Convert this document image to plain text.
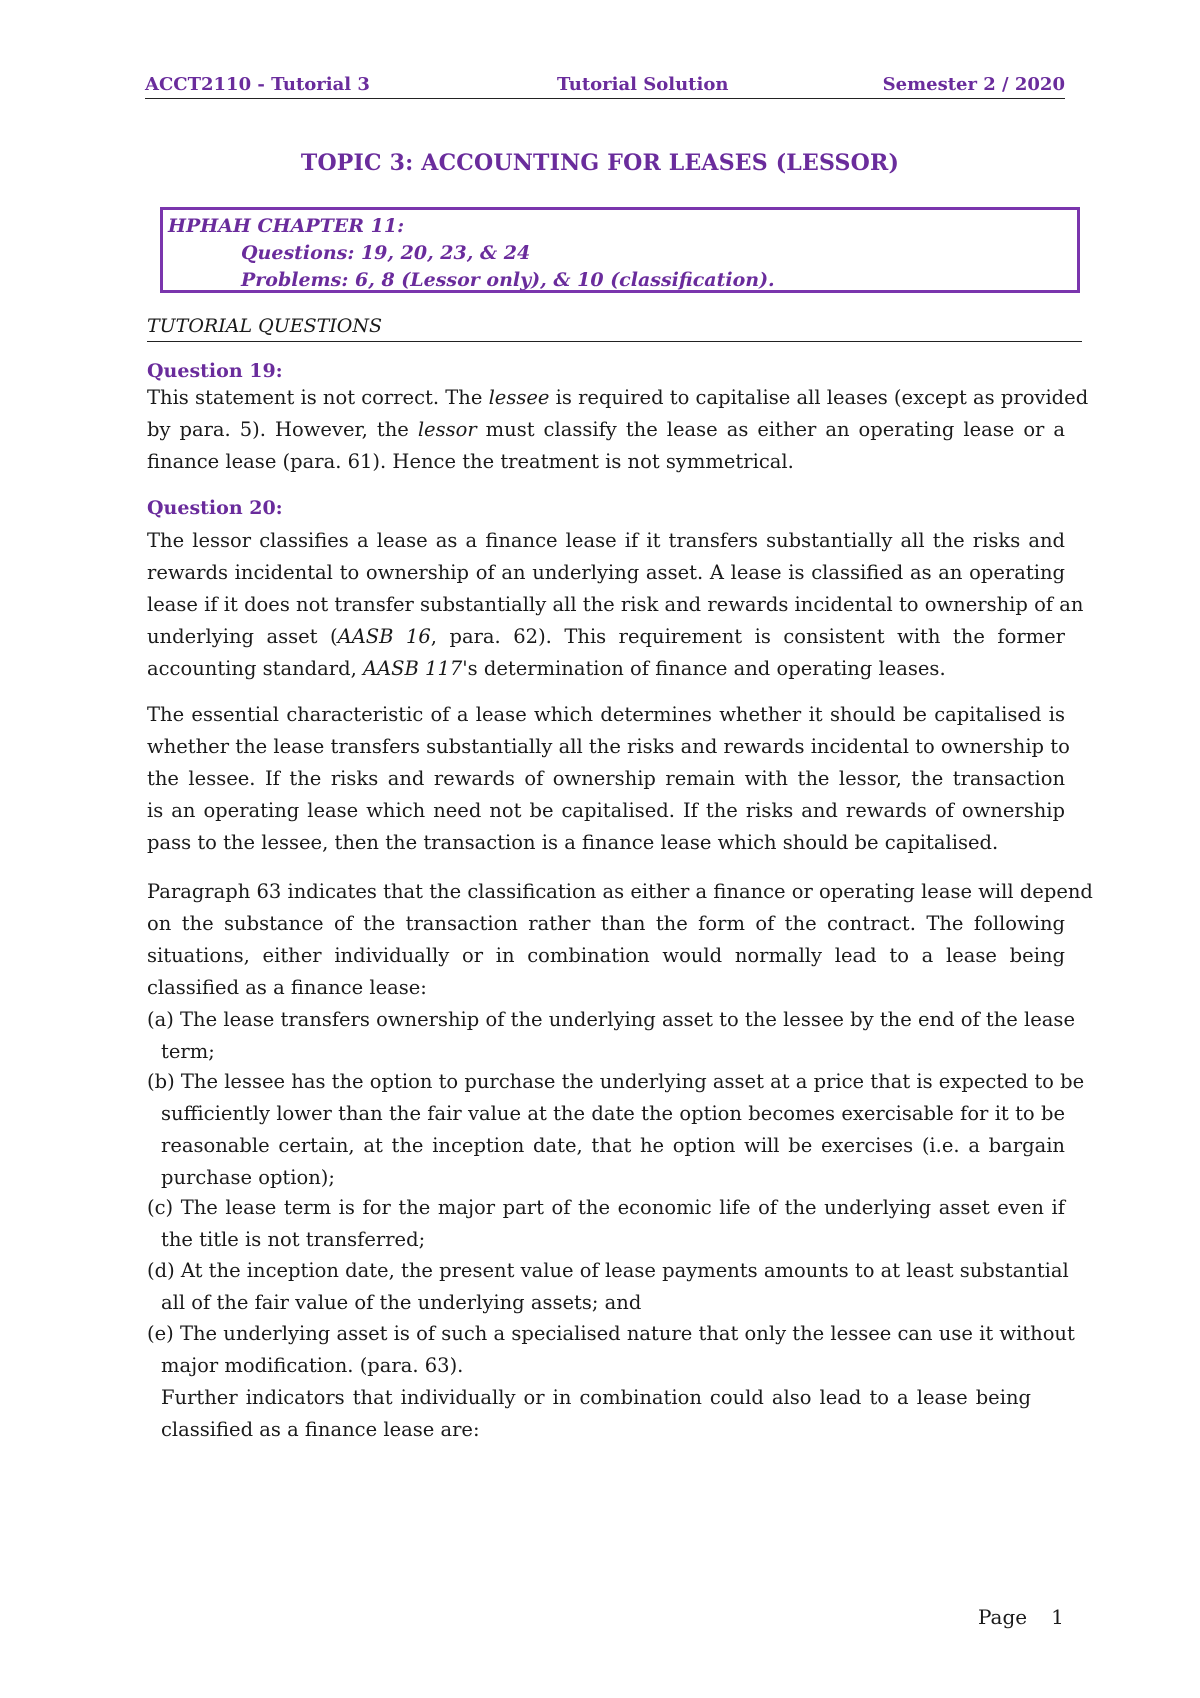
ACCT2110 - Tutorial 3	Tutorial Solution	Semester 2 / 2020
TOPIC 3: ACCOUNTING FOR LEASES (LESSOR)
HPHAH CHAPTER 11:
Questions: 19, 20, 23, & 24
Problems: 6, 8 (Lessor only), & 10 (classification).
TUTORIAL QUESTIONS
Question 19:
This statement is not correct. The lessee is required to capitalise all leases (except as provided
by para. 5). However, the lessor must classify the lease as either an operating lease or a
finance lease (para. 61). Hence the treatment is not symmetrical.
Question 20:
The lessor classifies a lease as a finance lease if it transfers substantially all the risks and
rewards incidental to ownership of an underlying asset. A lease is classified as an operating
lease if it does not transfer substantially all the risk and rewards incidental to ownership of an
underlying asset (AASB 16, para. 62). This requirement is consistent with the former
accounting standard, AASB 117's determination of finance and operating leases.
The essential characteristic of a lease which determines whether it should be capitalised is
whether the lease transfers substantially all the risks and rewards incidental to ownership to
the lessee. If the risks and rewards of ownership remain with the lessor, the transaction
is an operating lease which need not be capitalised. If the risks and rewards of ownership
pass to the lessee, then the transaction is a finance lease which should be capitalised.
Paragraph 63 indicates that the classification as either a finance or operating lease will depend
on the substance of the transaction rather than the form of the contract. The following
situations, either individually or in combination would normally lead to a lease being
classified as a finance lease:
(a) The lease transfers ownership of the underlying asset to the lessee by the end of the lease
term;
(b) The lessee has the option to purchase the underlying asset at a price that is expected to be
sufficiently lower than the fair value at the date the option becomes exercisable for it to be
reasonable certain, at the inception date, that he option will be exercises (i.e. a bargain
purchase option);
(c) The lease term is for the major part of the economic life of the underlying asset even if
the title is not transferred;
(d) At the inception date, the present value of lease payments amounts to at least substantial
all of the fair value of the underlying assets; and
(e) The underlying asset is of such a specialised nature that only the lessee can use it without
major modification. (para. 63).
Further indicators that individually or in combination could also lead to a lease being
classified as a finance lease are:
Page 1
